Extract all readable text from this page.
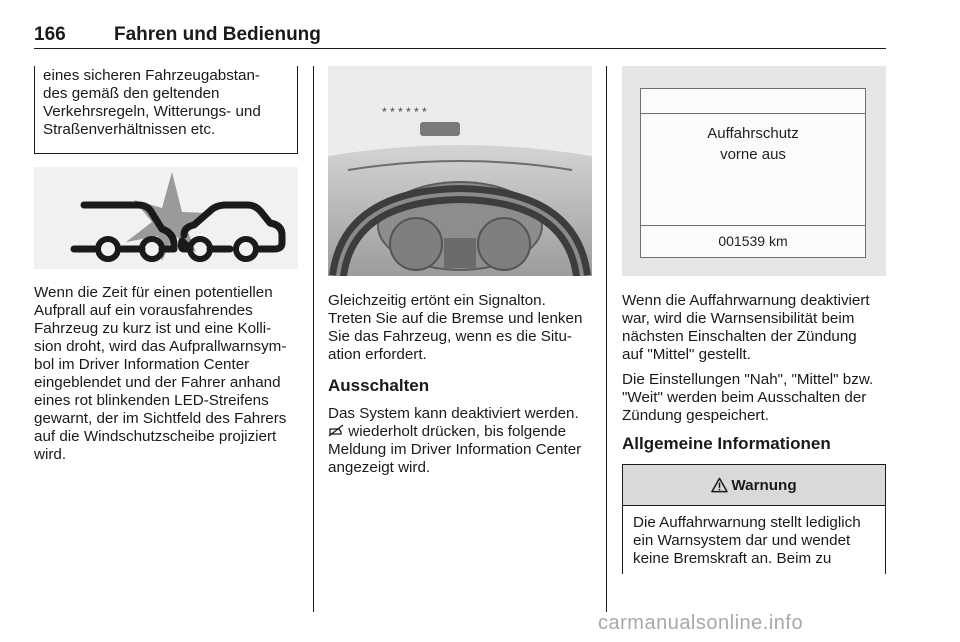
166	Fahren und Bedienung
eines sicheren Fahrzeugabstan-
des gemäß den geltenden
Verkehrsregeln, Witterungs- und
Straßenverhältnissen etc.
Wenn die Zeit für einen potentiellen
Aufprall auf ein vorausfahrendes
Fahrzeug zu kurz ist und eine Kolli-
sion droht, wird das Aufprallwarnsym-
bol im Driver Information Center
eingeblendet und der Fahrer anhand
eines rot blinkenden LED-Streifens
gewarnt, der im Sichtfeld des Fahrers
auf die Windschutzscheibe projiziert
wird.
* * * * * *
Gleichzeitig ertönt ein Signalton.
Treten Sie auf die Bremse und lenken
Sie das Fahrzeug, wenn es die Situ-
ation erfordert.
Ausschalten
Das System kann deaktiviert werden.
wiederholt drücken, bis folgende
Meldung im Driver Information Center
angezeigt wird.
Auffahrschutz
vorne aus
001539 km
Wenn die Auffahrwarnung deaktiviert
war, wird die Warnsensibilität beim
nächsten Einschalten der Zündung
auf "Mittel" gestellt.
Die Einstellungen "Nah", "Mittel" bzw.
"Weit" werden beim Ausschalten der
Zündung gespeichert.
Allgemeine Informationen
Warnung
Die Auffahrwarnung stellt lediglich
ein Warnsystem dar und wendet
keine Bremskraft an. Beim zu
carmanualsonline.info
